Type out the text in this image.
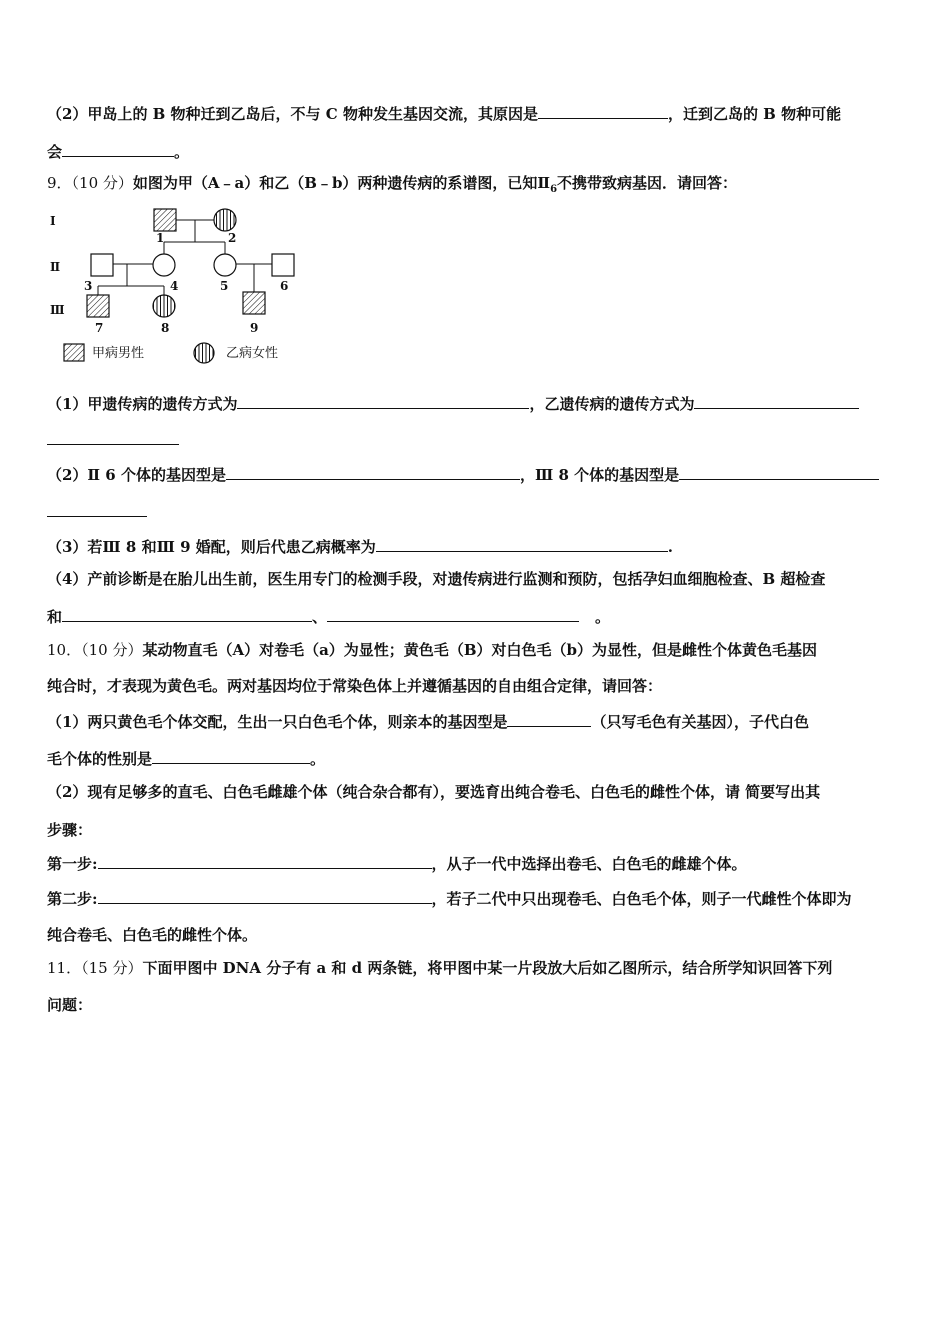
（2）甲岛上的 B 物种迁到乙岛后，不与 C 物种发生基因交流，其原因是	，迁到乙岛的 B 物种可能
会	。
9．（10 分）如图为甲（A﹣a）和乙（B﹣b）两种遗传病的系谱图，已知$Ⅱ_6$不携带致病基因．请回答：
Ⅰ
Ⅱ
Ⅲ
1	2
3	4	5	6
7	8	9
甲病男性	乙病女性
（1）甲遗传病的遗传方式为	，乙遗传病的遗传方式为
（2）Ⅱ 6 个体的基因型是	，Ⅲ 8 个体的基因型是
（3）若Ⅲ 8 和Ⅲ 9 婚配，则后代患乙病概率为	.
（4）产前诊断是在胎儿出生前，医生用专门的检测手段，对遗传病进行监测和预防，包括孕妇血细胞检查、B 超检查
和	、	。
10．（10 分）某动物直毛（A）对卷毛（a）为显性；黄色毛（B）对白色毛（b）为显性，但是雌性个体黄色毛基因
纯合时，才表现为黄色毛。两对基因均位于常染色体上并遵循基因的自由组合定律，请回答：
（1）两只黄色毛个体交配，生出一只白色毛个体，则亲本的基因型是	（只写毛色有关基因），子代白色
毛个体的性别是	。
（2）现有足够多的直毛、白色毛雌雄个体（纯合杂合都有），要选育出纯合卷毛、白色毛的雌性个体，请 简要写出其
步骤：
第一步:	，从子一代中选择出卷毛、白色毛的雌雄个体。
第二步:	，若子二代中只出现卷毛、白色毛个体，则子一代雌性个体即为
纯合卷毛、白色毛的雌性个体。
11．（15 分）下面甲图中 DNA 分子有 a 和 d 两条链，将甲图中某一片段放大后如乙图所示，结合所学知识回答下列
问题：
